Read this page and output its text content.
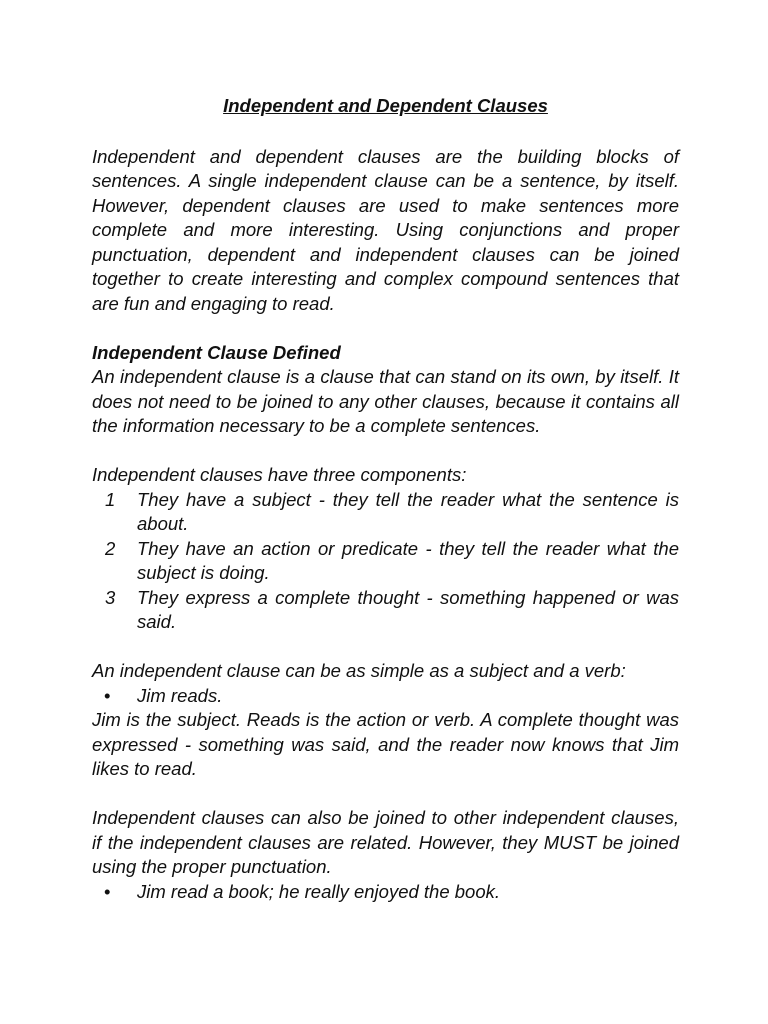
Independent and Dependent Clauses

Independent and dependent clauses are the building blocks of sentences. A single independent clause can be a sentence, by itself. However, dependent clauses are used to make sentences more complete and more interesting. Using conjunctions and proper punctuation, dependent and independent clauses can be joined together to create interesting and complex compound sentences that are fun and engaging to read.

Independent Clause Defined

An independent clause is a clause that can stand on its own, by itself. It does not need to be joined to any other clauses, because it contains all the information necessary to be a complete sentences.

Independent clauses have three components:

1 They have a subject - they tell the reader what the sentence is about.
2 They have an action or predicate - they tell the reader what the subject is doing.
3 They express a complete thought - something happened or was said.

An independent clause can be as simple as a subject and a verb:

• Jim reads.

Jim is the subject. Reads is the action or verb. A complete thought was expressed - something was said, and the reader now knows that Jim likes to read.

Independent clauses can also be joined to other independent clauses, if the independent clauses are related. However, they MUST be joined using the proper punctuation.

• Jim read a book; he really enjoyed the book.
